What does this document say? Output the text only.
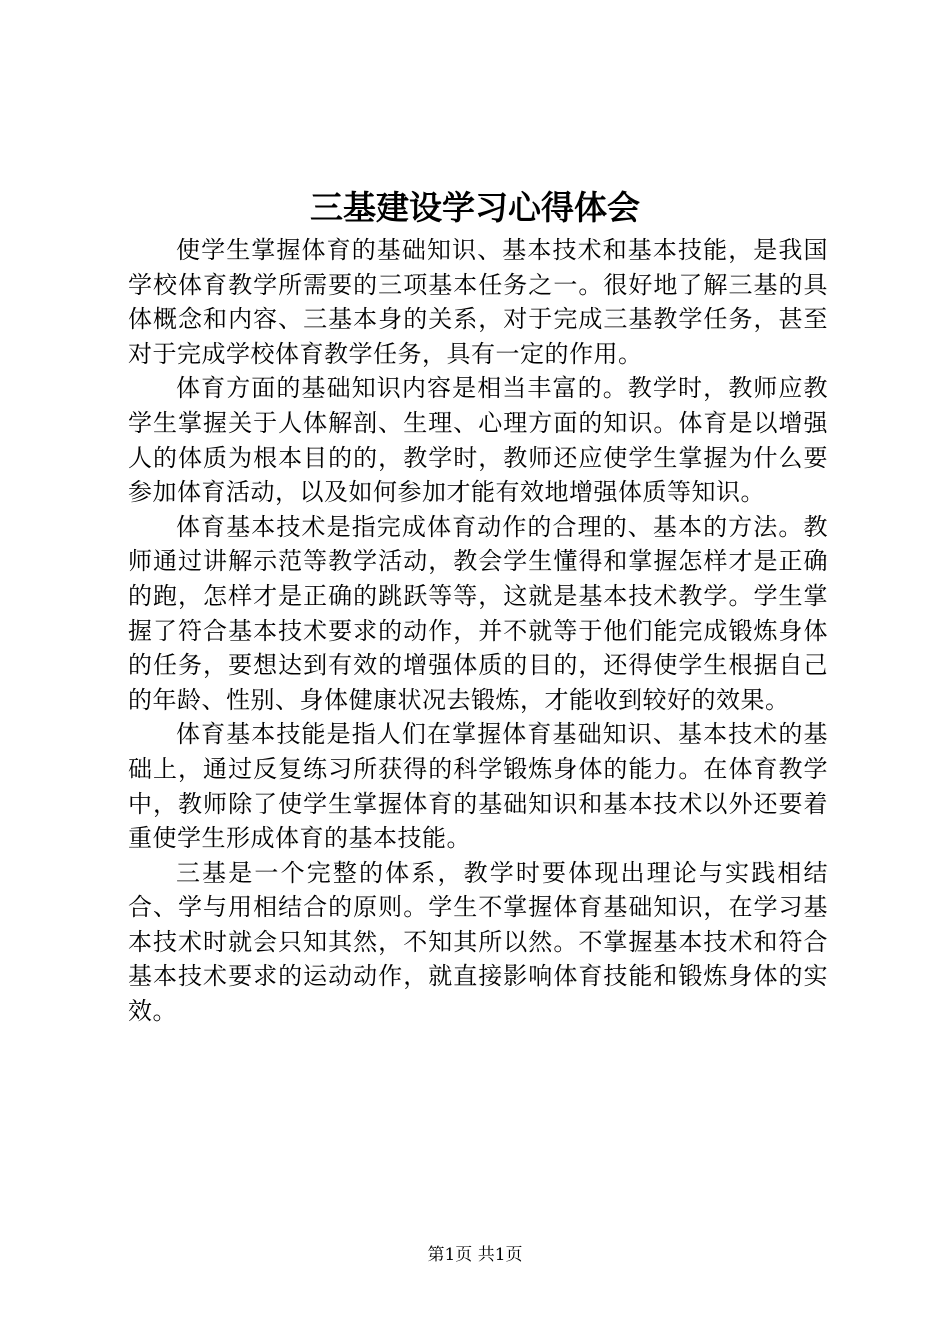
三基建设学习心得体会

使学生掌握体育的基础知识、基本技术和基本技能，是我国学校体育教学所需要的三项基本任务之一。很好地了解三基的具体概念和内容、三基本身的关系，对于完成三基教学任务，甚至对于完成学校体育教学任务，具有一定的作用。

体育方面的基础知识内容是相当丰富的。教学时，教师应教学生掌握关于人体解剖、生理、心理方面的知识。体育是以增强人的体质为根本目的的，教学时，教师还应使学生掌握为什么要参加体育活动，以及如何参加才能有效地增强体质等知识。

体育基本技术是指完成体育动作的合理的、基本的方法。教师通过讲解示范等教学活动，教会学生懂得和掌握怎样才是正确的跑，怎样才是正确的跳跃等等，这就是基本技术教学。学生掌握了符合基本技术要求的动作，并不就等于他们能完成锻炼身体的任务，要想达到有效的增强体质的目的，还得使学生根据自己的年龄、性别、身体健康状况去锻炼，才能收到较好的效果。

体育基本技能是指人们在掌握体育基础知识、基本技术的基础上，通过反复练习所获得的科学锻炼身体的能力。在体育教学中，教师除了使学生掌握体育的基础知识和基本技术以外还要着重使学生形成体育的基本技能。

三基是一个完整的体系，教学时要体现出理论与实践相结合、学与用相结合的原则。学生不掌握体育基础知识，在学习基本技术时就会只知其然，不知其所以然。不掌握基本技术和符合基本技术要求的运动动作，就直接影响体育技能和锻炼身体的实效。

第1页 共1页
